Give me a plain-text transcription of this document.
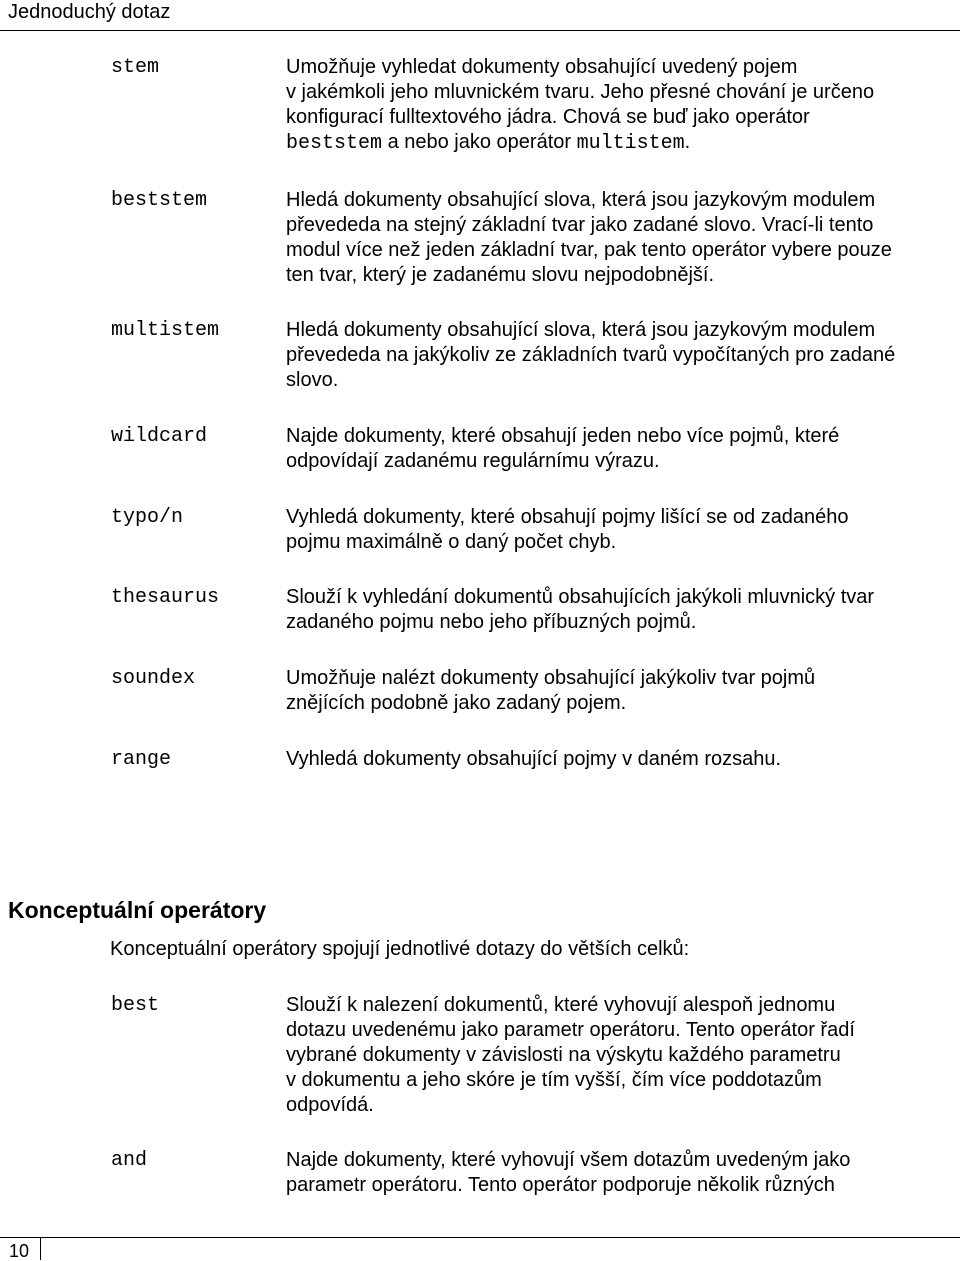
Jednoduchý dotaz
stem	Umožňuje vyhledat dokumenty obsahující uvedený pojem
v jakémkoli jeho mluvnickém tvaru. Jeho přesné chování je určeno
konfigurací fulltextového jádra. Chová se buď jako operátor
beststem a nebo jako operátor multistem.
beststem	Hledá dokumenty obsahující slova, která jsou jazykovým modulem
převededa na stejný základní tvar jako zadané slovo. Vrací-li tento
modul více než jeden základní tvar, pak tento operátor vybere pouze
ten tvar, který je zadanému slovu nejpodobnější.
multistem	Hledá dokumenty obsahující slova, která jsou jazykovým modulem
převededa na jakýkoliv ze základních tvarů vypočítaných pro zadané
slovo.
wildcard	Najde dokumenty, které obsahují jeden nebo více pojmů, které
odpovídají zadanému regulárnímu výrazu.
typo/n	Vyhledá dokumenty, které obsahují pojmy lišící se od zadaného
pojmu maximálně o daný počet chyb.
thesaurus	Slouží k vyhledání dokumentů obsahujících jakýkoli mluvnický tvar
zadaného pojmu nebo jeho příbuzných pojmů.
soundex	Umožňuje nalézt dokumenty obsahující jakýkoliv tvar pojmů
znějících podobně jako zadaný pojem.
range	Vyhledá dokumenty obsahující pojmy v daném rozsahu.
Konceptuální operátory
Konceptuální operátory spojují jednotlivé dotazy do větších celků:
best	Slouží k nalezení dokumentů, které vyhovují alespoň jednomu
dotazu uvedenému jako parametr operátoru. Tento operátor řadí
vybrané dokumenty v závislosti na výskytu každého parametru
v dokumentu a jeho skóre je tím vyšší, čím více poddotazům
odpovídá.
and	Najde dokumenty, které vyhovují všem dotazům uvedeným jako
parametr operátoru. Tento operátor podporuje několik různých
10
